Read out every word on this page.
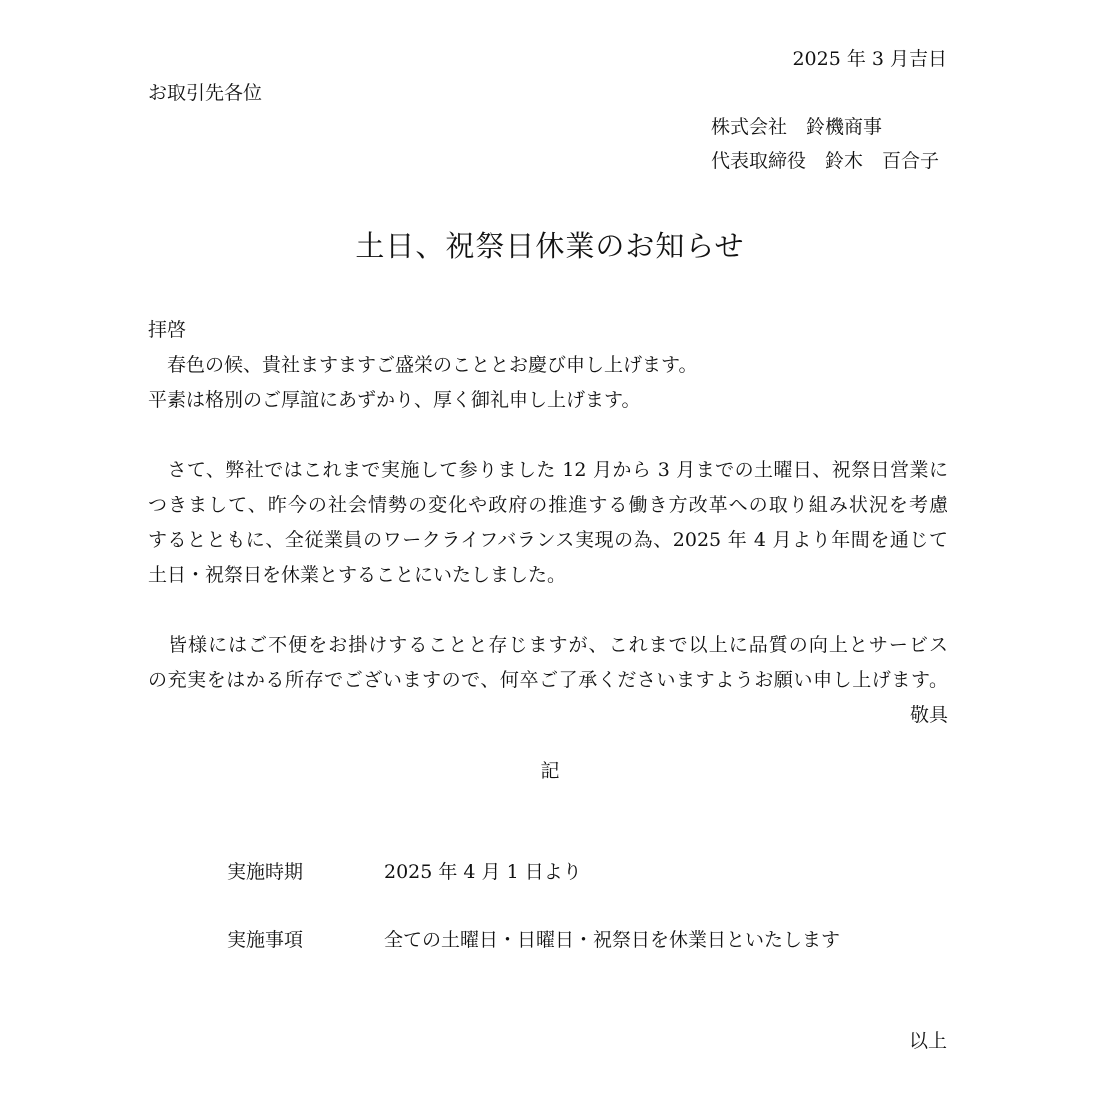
2025 年 3 月吉日
お取引先各位
株式会社　鈴機商事
代表取締役　鈴木　百合子
土日、祝祭日休業のお知らせ
拝啓
　春色の候、貴社ますますご盛栄のこととお慶び申し上げます。
平素は格別のご厚誼にあずかり、厚く御礼申し上げます。
　さて、弊社ではこれまで実施して参りました 12 月から 3 月までの土曜日、祝祭日営業に
つきまして、昨今の社会情勢の変化や政府の推進する働き方改革への取り組み状況を考慮
するとともに、全従業員のワークライフバランス実現の為、2025 年 4 月より年間を通じて
土日・祝祭日を休業とすることにいたしました。
　皆様にはご不便をお掛けすることと存じますが、これまで以上に品質の向上とサービス
の充実をはかる所存でございますので、何卒ご了承くださいますようお願い申し上げます。
敬具
記
実施時期	2025 年 4 月 1 日より
実施事項	全ての土曜日・日曜日・祝祭日を休業日といたします
以上
